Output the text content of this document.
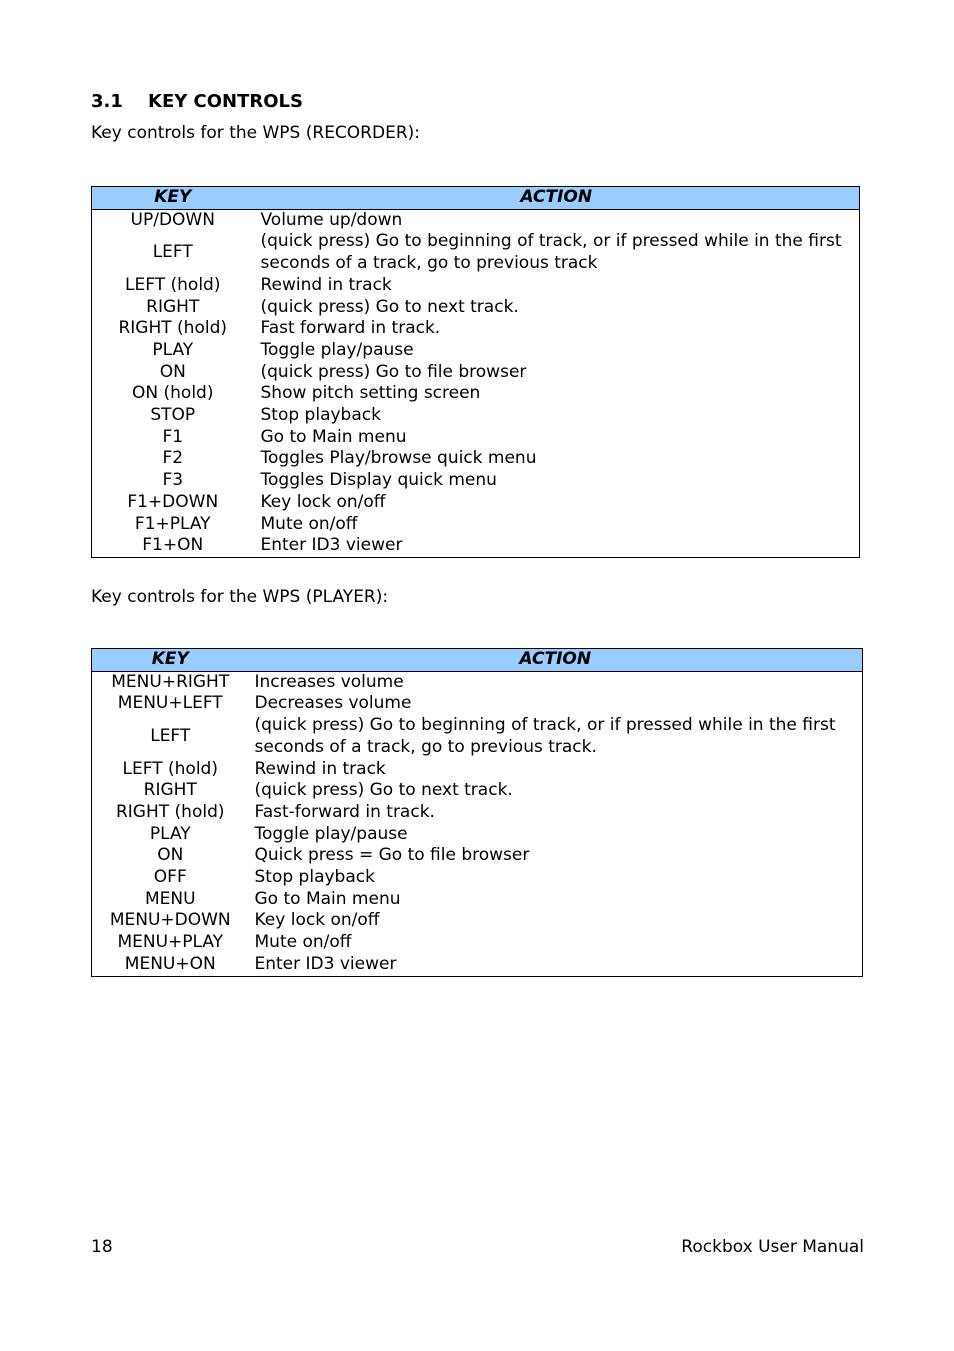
3.1 KEY CONTROLS
Key controls for the WPS (RECORDER):
KEY	ACTION
UP/DOWN	Volume up/down
LEFT	(quick press) Go to beginning of track, or if pressed while in the first seconds of a track, go to previous track
LEFT (hold)	Rewind in track
RIGHT	(quick press) Go to next track.
RIGHT (hold)	Fast forward in track.
PLAY	Toggle play/pause
ON	(quick press) Go to file browser
ON (hold)	Show pitch setting screen
STOP	Stop playback
F1	Go to Main menu
F2	Toggles Play/browse quick menu
F3	Toggles Display quick menu
F1+DOWN	Key lock on/off
F1+PLAY	Mute on/off
F1+ON	Enter ID3 viewer
Key controls for the WPS (PLAYER):
KEY	ACTION
MENU+RIGHT	Increases volume
MENU+LEFT	Decreases volume
LEFT	(quick press) Go to beginning of track, or if pressed while in the first seconds of a track, go to previous track.
LEFT (hold)	Rewind in track
RIGHT	(quick press) Go to next track.
RIGHT (hold)	Fast-forward in track.
PLAY	Toggle play/pause
ON	Quick press = Go to file browser
OFF	Stop playback
MENU	Go to Main menu
MENU+DOWN	Key lock on/off
MENU+PLAY	Mute on/off
MENU+ON	Enter ID3 viewer
18	Rockbox User Manual
